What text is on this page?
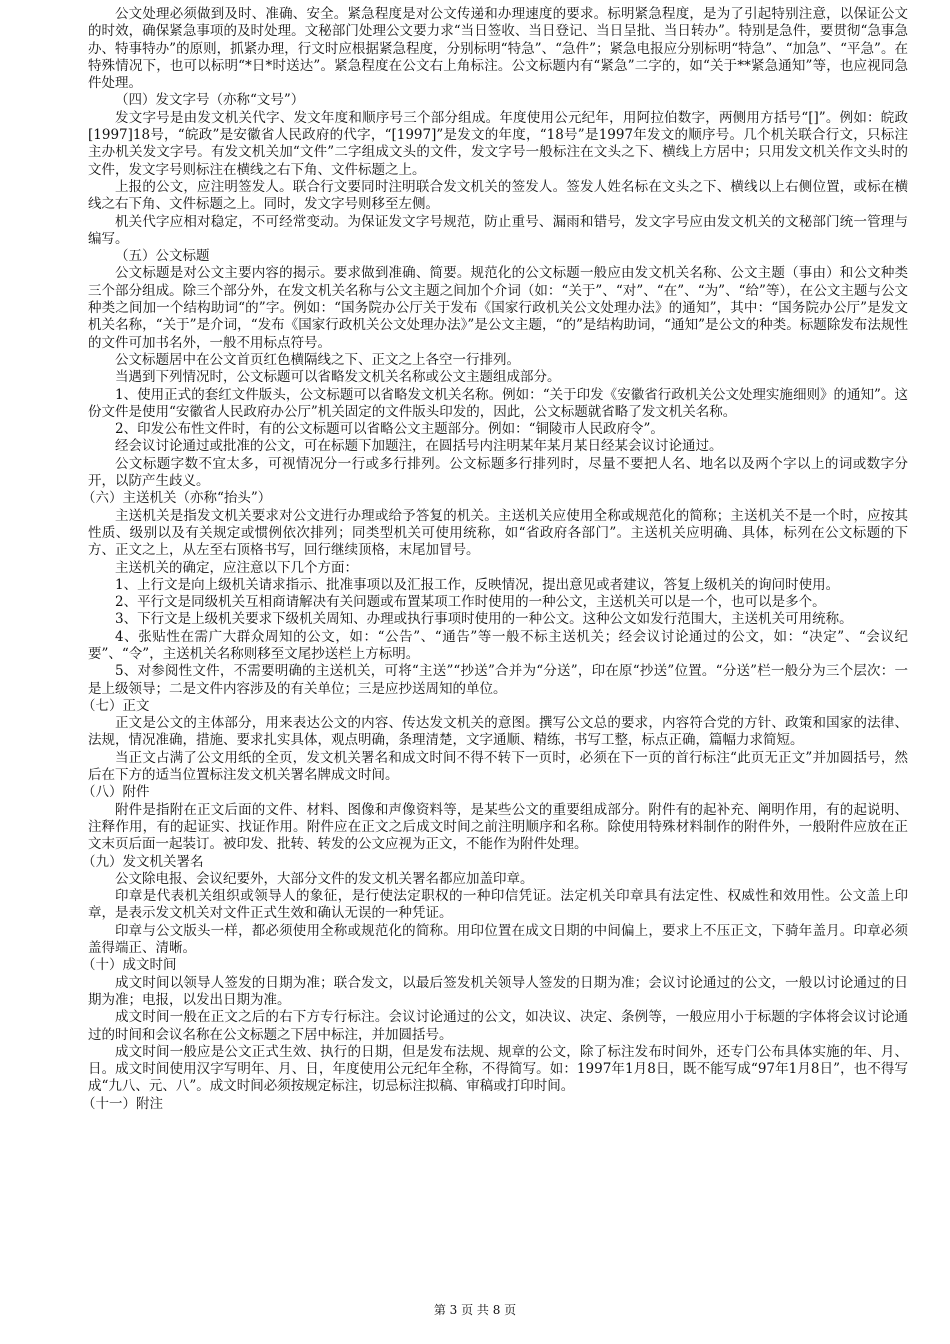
公文处理必须做到及时、准确、安全。紧急程度是对公文传递和办理速度的要求。标明紧急程度，是为了引起特别注意，以保证公文的时效，确保紧急事项的及时处理。文秘部门处理公文要力求“当日签收、当日登记、当日呈批、当日转办”。特别是急件，要贯彻“急事急办、特事特办”的原则，抓紧办理，行文时应根据紧急程度，分别标明“特急”、“急件”；紧急电报应分别标明“特急”、“加急”、“平急”。在特殊情况下，也可以标明“*日*时送达”。紧急程度在公文右上角标注。公文标题内有“紧急”二字的，如“关于**紧急通知”等，也应视同急件处理。

（四）发文字号（亦称“文号”）

发文字号是由发文机关代字、发文年度和顺序号三个部分组成。年度使用公元纪年，用阿拉伯数字，两侧用方括号“[]”。例如：皖政[1997]18号，“皖政”是安徽省人民政府的代字，“[1997]”是发文的年度，“18号”是1997年发文的顺序号。几个机关联合行文，只标注主办机关发文字号。有发文机关加“文件”二字组成文头的文件，发文字号一般标注在文头之下、横线上方居中；只用发文机关作文头时的文件，发文字号则标注在横线之右下角、文件标题之上。

上报的公文，应注明签发人。联合行文要同时注明联合发文机关的签发人。签发人姓名标在文头之下、横线以上右侧位置，或标在横线之右下角、文件标题之上。同时，发文字号则移至左侧。

机关代字应相对稳定，不可经常变动。为保证发文字号规范，防止重号、漏雨和错号，发文字号应由发文机关的文秘部门统一管理与编写。

（五）公文标题

公文标题是对公文主要内容的揭示。要求做到准确、简要。规范化的公文标题一般应由发文机关名称、公文主题（事由）和公文种类三个部分组成。除三个部分外，在发文机关名称与公文主题之间加个介词（如：“关于”、“对”、“在”、“为”、“给”等），在公文主题与公文种类之间加一个结构助词“的”字。例如：“国务院办公厅关于发布《国家行政机关公文处理办法》的通知”，其中：“国务院办公厅”是发文机关名称，“关于”是介词，“发布《国家行政机关公文处理办法》”是公文主题，“的”是结构助词，“通知”是公文的种类。标题除发布法规性的文件可加书名外，一般不用标点符号。

公文标题居中在公文首页红色横隔线之下、正文之上各空一行排列。

当遇到下列情况时，公文标题可以省略发文机关名称或公文主题组成部分。

1、使用正式的套红文件版头，公文标题可以省略发文机关名称。例如：“关于印发《安徽省行政机关公文处理实施细则》的通知”。这份文件是使用“安徽省人民政府办公厅”机关固定的文件版头印发的，因此，公文标题就省略了发文机关名称。

2、印发公布性文件时，有的公文标题可以省略公文主题部分。例如：“铜陵市人民政府令”。

经会议讨论通过或批准的公文，可在标题下加题注，在圆括号内注明某年某月某日经某会议讨论通过。

公文标题字数不宜太多，可视情况分一行或多行排列。公文标题多行排列时，尽量不要把人名、地名以及两个字以上的词或数字分开，以防产生歧义。

（六）主送机关（亦称“抬头”）

主送机关是指发文机关要求对公文进行办理或给予答复的机关。主送机关应使用全称或规范化的简称；主送机关不是一个时，应按其性质、级别以及有关规定或惯例依次排列；同类型机关可使用统称，如“省政府各部门”。主送机关应明确、具体，标列在公文标题的下方、正文之上，从左至右顶格书写，回行继续顶格，末尾加冒号。

主送机关的确定，应注意以下几个方面：

1、上行文是向上级机关请求指示、批准事项以及汇报工作，反映情况，提出意见或者建议，答复上级机关的询问时使用。

2、平行文是同级机关互相商请解决有关问题或布置某项工作时使用的一种公文，主送机关可以是一个，也可以是多个。

3、下行文是上级机关要求下级机关周知、办理或执行事项时使用的一种公文。这种公文如发行范围大，主送机关可用统称。

4、张贴性在需广大群众周知的公文，如：“公告”、“通告”等一般不标主送机关；经会议讨论通过的公文，如：“决定”、“会议纪要”、“令”，主送机关名称则移至文尾抄送栏上方标明。

5、对参阅性文件，不需要明确的主送机关，可将“主送”“抄送”合并为“分送”，印在原“抄送”位置。“分送”栏一般分为三个层次：一是上级领导；二是文件内容涉及的有关单位；三是应抄送周知的单位。

（七）正文

正文是公文的主体部分，用来表达公文的内容、传达发文机关的意图。撰写公文总的要求，内容符合党的方针、政策和国家的法律、法规，情况准确，措施、要求扎实具体，观点明确，条理清楚，文字通顺、精练，书写工整，标点正确，篇幅力求简短。

当正文占满了公文用纸的全页，发文机关署名和成文时间不得不转下一页时，必须在下一页的首行标注“此页无正文”并加圆括号，然后在下方的适当位置标注发文机关署名牌成文时间。

（八）附件

附件是指附在正文后面的文件、材料、图像和声像资料等，是某些公文的重要组成部分。附件有的起补充、阐明作用，有的起说明、注释作用，有的起证实、找证作用。附件应在正文之后成文时间之前注明顺序和名称。除使用特殊材料制作的附件外，一般附件应放在正文末页后面一起装订。被印发、批转、转发的公文应视为正文，不能作为附件处理。

（九）发文机关署名

公文除电报、会议纪要外，大部分文件的发文机关署名都应加盖印章。

印章是代表机关组织或领导人的象征，是行使法定职权的一种印信凭证。法定机关印章具有法定性、权威性和效用性。公文盖上印章，是表示发文机关对文件正式生效和确认无误的一种凭证。

印章与公文版头一样，都必须使用全称或规范化的简称。用印位置在成文日期的中间偏上，要求上不压正文，下骑年盖月。印章必须盖得端正、清晰。

（十）成文时间

成文时间以领导人签发的日期为准；联合发文，以最后签发机关领导人签发的日期为准；会议讨论通过的公文，一般以讨论通过的日期为准；电报，以发出日期为准。

成文时间一般在正文之后的右下方专行标注。会议讨论通过的公文，如决议、决定、条例等，一般应用小于标题的字体将会议讨论通过的时间和会议名称在公文标题之下居中标注，并加圆括号。

成文时间一般应是公文正式生效、执行的日期，但是发布法规、规章的公文，除了标注发布时间外，还专门公布具体实施的年、月、日。成文时间使用汉字写明年、月、日，年度使用公元纪年全称，不得简写。如：1997年1月8日，既不能写成“97年1月8日”，也不得写成“九八、元、八”。成文时间必须按规定标注，切忌标注拟稿、审稿或打印时间。

（十一）附注

第 3 页 共 8 页
